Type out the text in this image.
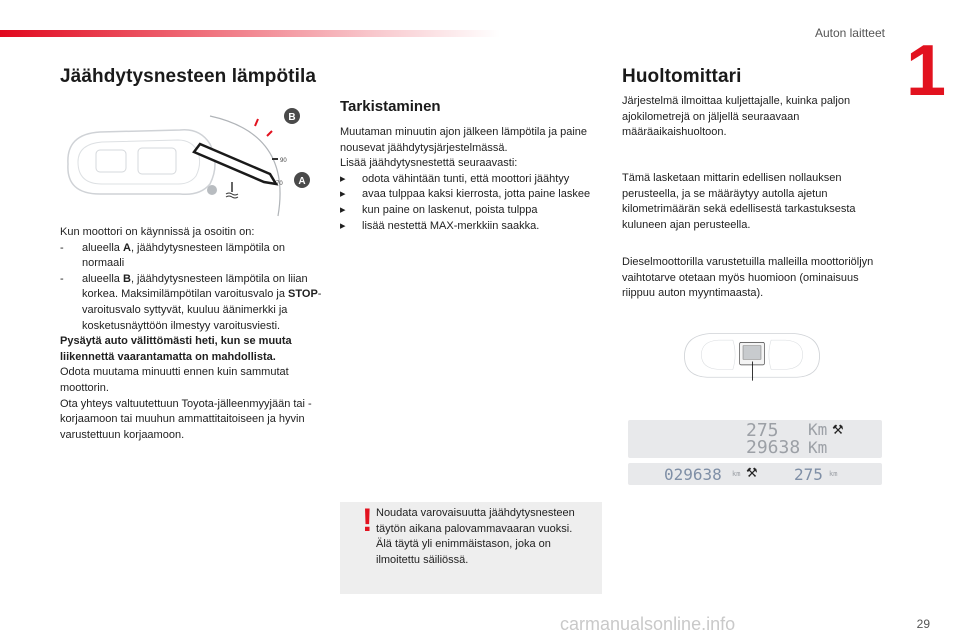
Auton laitteet 1
Jäähdytysnesteen lämpötila
90
70
B
A

Kun moottori on käynnissä ja osoitin on:

-	alueella A, jäähdytysnesteen lämpötila on normaali
-	alueella B, jäähdytysnesteen lämpötila on liian korkea. Maksimilämpötilan varoitusvalo ja STOP-varoitusvalo syttyvät, kuuluu äänimerkki ja kosketusnäyttöön ilmestyy varoitusviesti.

Pysäytä auto välittömästi heti, kun se muuta liikennettä vaarantamatta on mahdollista.

Odota muutama minuutti ennen kuin sammutat moottorin.

Ota yhteys valtuutettuun Toyota-jälleenmyyjään tai -korjaamoon tai muuhun ammattitaitoiseen ja hyvin varustettuun korjaamoon.

Tarkistaminen

Muutaman minuutin ajon jälkeen lämpötila ja paine nousevat jäähdytysjärjestelmässä.

Lisää jäähdytysnestettä seuraavasti:

▸	odota vähintään tunti, että moottori jäähtyy
▸	avaa tulppaa kaksi kierrosta, jotta paine laskee
▸	kun paine on laskenut, poista tulppa
▸	lisää nestettä MAX-merkkiin saakka.
! Noudata varovaisuutta jäähdytysnesteen täytön aikana palovammavaaran vuoksi. Älä täytä yli enimmäistason, joka on ilmoitettu säiliössä.
Huoltomittari
Järjestelmä ilmoittaa kuljettajalle, kuinka paljon ajokilometrejä on jäljellä seuraavaan määräaikaishuoltoon.
Tämä lasketaan mittarin edellisen nollauksen perusteella, ja se määräytyy autolla ajetun kilometrimäärän sekä edellisestä tarkastuksesta kuluneen ajan perusteella.
Dieselmoottorilla varustetuilla malleilla moottoriöljyn vaihtotarve otetaan myös huomioon (ominaisuus riippuu auton myyntimaasta).
275 Km ⚒
29638 Km
029638 km ⚒ 275 km
carmanualsonline.info	29
